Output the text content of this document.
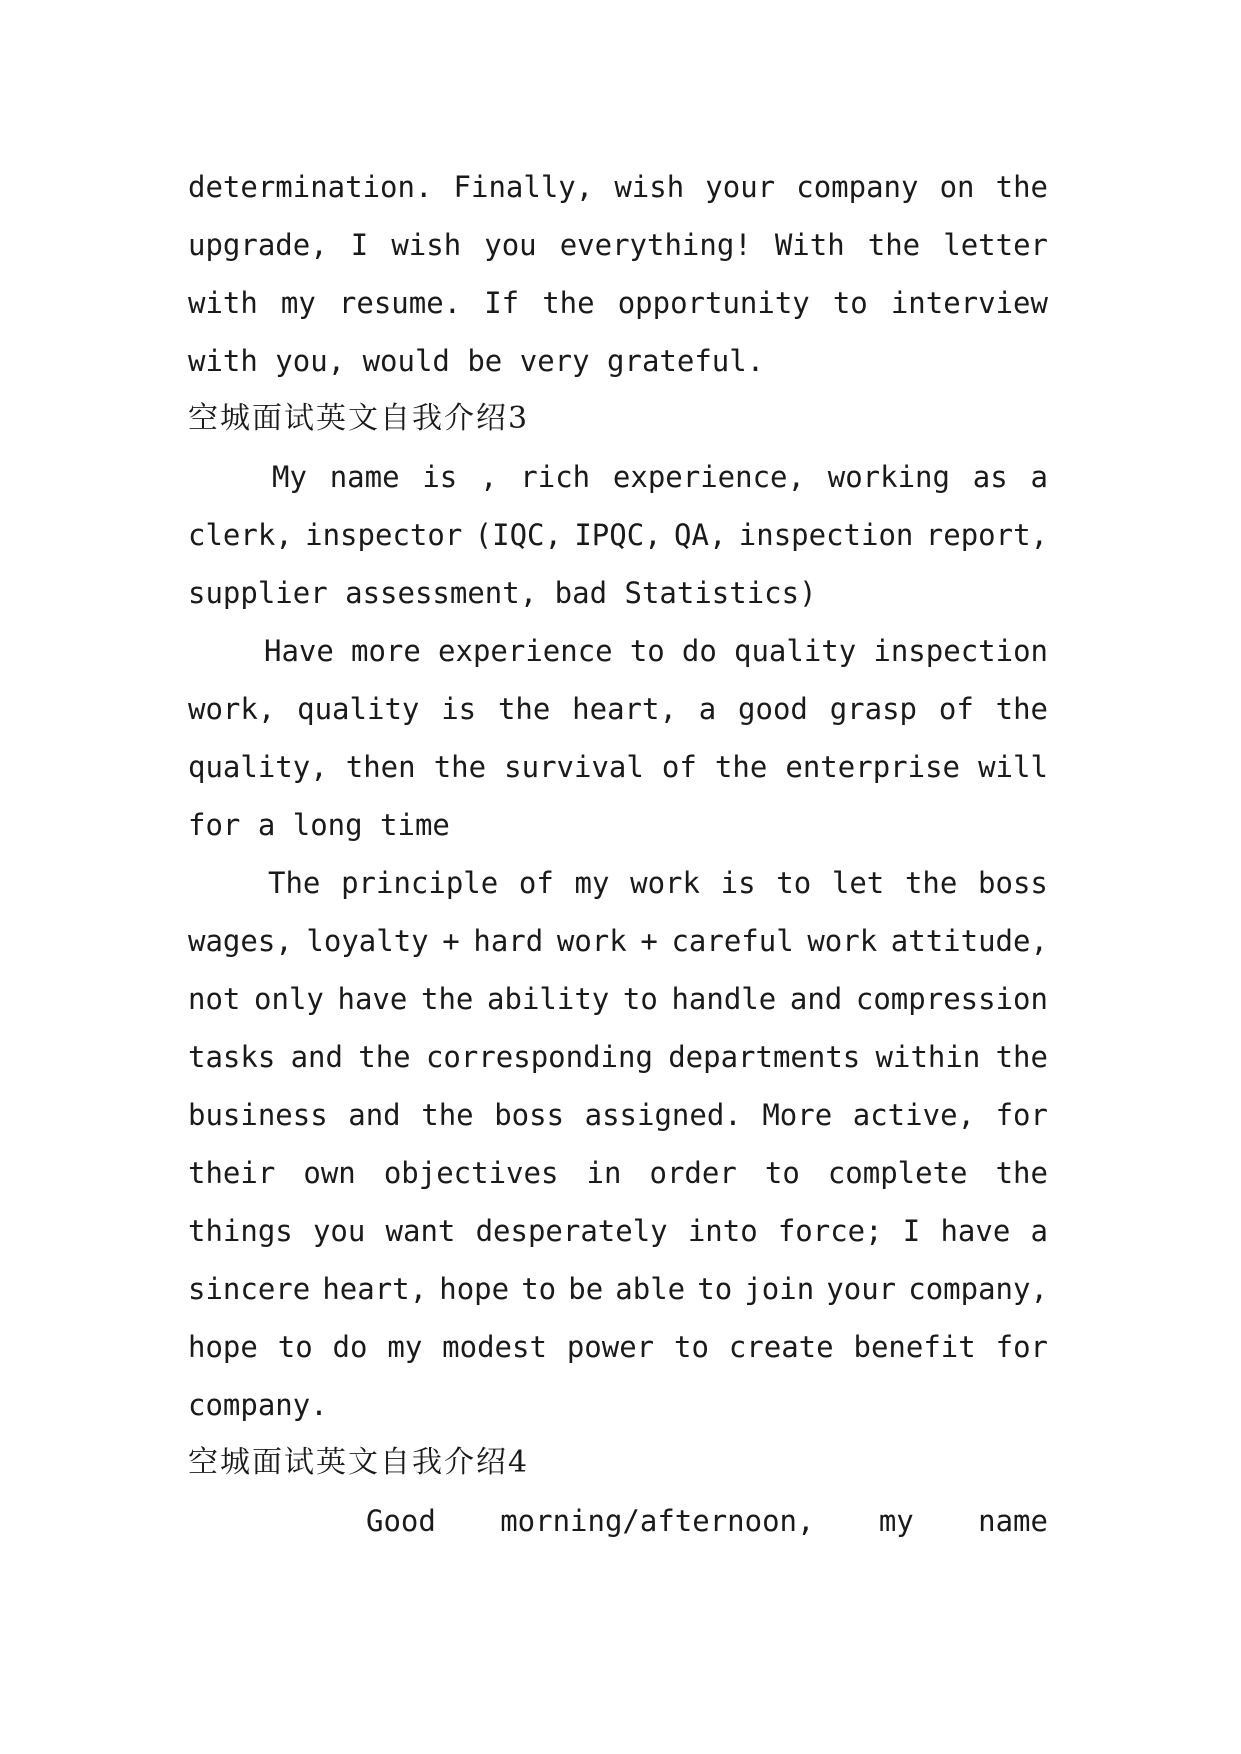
determination. Finally, wish your company on the
upgrade, I wish you everything! With the letter
with my resume. If the opportunity to interview
with you, would be very grateful.
空城面试英文自我介绍3
My name is , rich experience, working as a
clerk, inspector (IQC, IPQC, QA, inspection report,
supplier assessment, bad Statistics)
Have more experience to do quality inspection
work, quality is the heart, a good grasp of the
quality, then the survival of the enterprise will
for a long time
The principle of my work is to let the boss
wages, loyalty + hard work + careful work attitude,
not only have the ability to handle and compression
tasks and the corresponding departments within the
business and the boss assigned. More active, for
their own objectives in order to complete the
things you want desperately into force; I have a
sincere heart, hope to be able to join your company,
hope to do my modest power to create benefit for
company.
空城面试英文自我介绍4
Good morning/afternoon, my name
